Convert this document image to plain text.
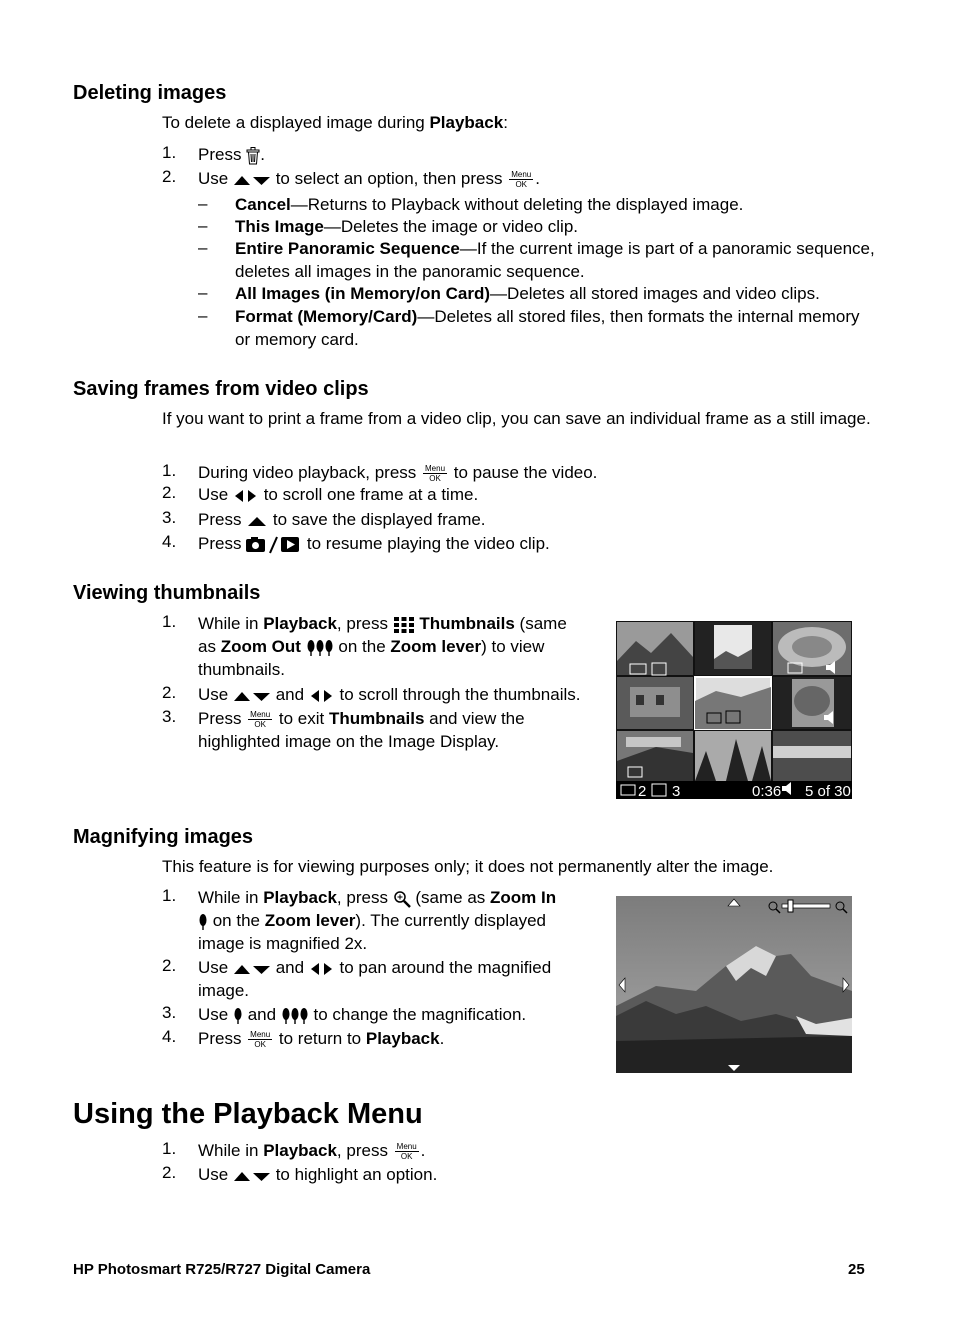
Deleting images
To delete a displayed image during Playback:
1. Press .
2. Use  to select an option, then press Menu
OK .
– Cancel—Returns to Playback without deleting the displayed image.
– This Image—Deletes the image or video clip.
– Entire Panoramic Sequence—If the current image is part of a panoramic sequence, deletes all images in the panoramic sequence.
– All Images (in Memory/on Card)—Deletes all stored images and video clips.
– Format (Memory/Card)—Deletes all stored files, then formats the internal memory or memory card.
Saving frames from video clips
If you want to print a frame from a video clip, you can save an individual frame as a still image.
1. During video playback, press Menu
OK to pause the video.
2. Use  to scroll one frame at a time.
3. Press  to save the displayed frame.
4. Press	to resume playing the video clip.
Viewing thumbnails
1. While in Playback, press  Thumbnails (same
as Zoom Out  on the Zoom lever) to view
thumbnails.
2. Use  and  to scroll through the thumbnails.
3. Press Menu
OK to exit Thumbnails and view the
highlighted image on the Image Display.
2 3	0:36 5 of 30
Magnifying images
This feature is for viewing purposes only; it does not permanently alter the image.
1. While in Playback, press  (same as Zoom In
on the Zoom lever). The currently displayed
image is magnified 2x.
2. Use  and  to pan around the magnified
image.
3. Use  and  to change the magnification.
4. Press Menu
OK to return to Playback.
Using the Playback Menu
1. While in Playback, press Menu
OK .
2. Use  to highlight an option.
HP Photosmart R725/R727 Digital Camera	25
